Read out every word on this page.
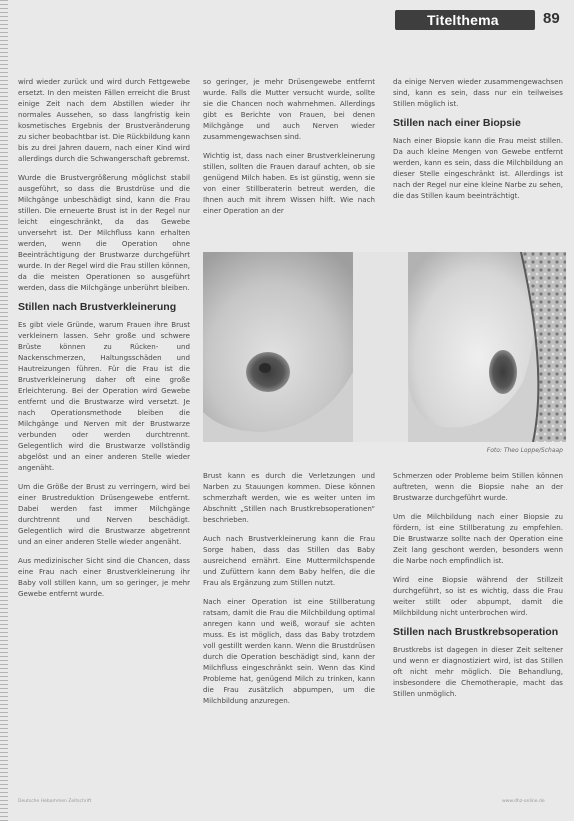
Titelthema	89

wird wieder zurück und wird durch Fettgewebe ersetzt. In den meisten Fällen erreicht die Brust einige Zeit nach dem Abstillen wieder ihr normales Aussehen, so dass langfristig kein kosmetisches Ergebnis der Brustveränderung zu sicher beobachtbar ist. Die Rückbildung kann bis zu drei Jahren dauern, nach einer Kind wird allerdings durch die Schwangerschaft gebremst.

Wurde die Brustvergrößerung möglichst stabil ausgeführt, so dass die Brustdrüse und die Milchgänge unbeschädigt sind, kann die Frau stillen. Die erneuerte Brust ist in der Regel nur leicht eingeschränkt, da das Gewebe unversehrt ist. Der Milchfluss kann erhalten werden, wenn die Operation ohne Beeinträchtigung der Brustwarze durchgeführt wurde. In der Regel wird die Frau stillen können, da die meisten Operationen so ausgeführt werden, dass die Milchgänge unberührt bleiben.

Stillen nach Brustverkleinerung

Es gibt viele Gründe, warum Frauen ihre Brust verkleinern lassen. Sehr große und schwere Brüste können zu Rücken- und Nackenschmerzen, Haltungsschäden und Hautreizungen führen. Für die Frau ist die Brustverkleinerung daher oft eine große Erleichterung. Bei der Operation wird Gewebe entfernt und die Brustwarze wird versetzt. Je nach Operationsmethode bleiben die Milchgänge und Nerven mit der Brustwarze verbunden oder werden durchtrennt. Gelegentlich wird die Brustwarze vollständig abgelöst und an einer anderen Stelle wieder angenäht.

Um die Größe der Brust zu verringern, wird bei einer Brustreduktion Drüsengewebe entfernt. Dabei werden fast immer Milchgänge durchtrennt und Nerven beschädigt. Gelegentlich wird die Brustwarze abgetrennt und an einer anderen Stelle wieder angenäht.

Aus medizinischer Sicht sind die Chancen, dass eine Frau nach einer Brustverkleinerung ihr Baby voll stillen kann, um so geringer, je mehr Gewebe entfernt wurde.

so geringer, je mehr Drüsengewebe entfernt wurde. Falls die Mutter versucht wurde, sollte sie die Chancen noch wahrnehmen. Allerdings gibt es Berichte von Frauen, bei denen Milchgänge und auch Nerven wieder zusammengewachsen sind.

Wichtig ist, dass nach einer Brustverkleinerung stillen, sollten die Frauen darauf achten, ob sie genügend Milch haben. Es ist günstig, wenn sie von einer Stillberaterin betreut werden, die Ihnen auch mit ihrem Wissen hilft. Wie nach einer Operation an der

Foto: Theo Loppe/Schaap

Brust kann es durch die Verletzungen und Narben zu Stauungen kommen. Diese können schmerzhaft werden, wie es weiter unten im Abschnitt „Stillen nach Brustkrebsoperationen“ beschrieben.

Auch nach Brustverkleinerung kann die Frau Sorge haben, dass das Stillen das Baby ausreichend ernährt. Eine Muttermilchspende und Zufüttern kann dem Baby helfen, die die Frau als Ergänzung zum Stillen nutzt.

Nach einer Operation ist eine Stillberatung ratsam, damit die Frau die Milchbildung optimal anregen kann und weiß, worauf sie achten muss. Es ist möglich, dass das Baby trotzdem voll gestillt werden kann. Wenn die Brustdrüsen durch die Operation beschädigt sind, kann der Milchfluss eingeschränkt sein. Wenn das Kind Probleme hat, genügend Milch zu trinken, kann die Frau zusätzlich abpumpen, um die Milchbildung anzuregen.

da einige Nerven wieder zusammengewachsen sind, kann es sein, dass nur ein teilweises Stillen möglich ist.

Stillen nach einer Biopsie

Nach einer Biopsie kann die Frau meist stillen. Da auch kleine Mengen von Gewebe entfernt werden, kann es sein, dass die Milchbildung an dieser Stelle eingeschränkt ist. Allerdings ist nach der Regel nur eine kleine Narbe zu sehen, die das Stillen kaum beeinträchtigt.

Schmerzen oder Probleme beim Stillen können auftreten, wenn die Biopsie nahe an der Brustwarze durchgeführt wurde.

Um die Milchbildung nach einer Biopsie zu fördern, ist eine Stillberatung zu empfehlen. Die Brustwarze sollte nach der Operation eine Zeit lang geschont werden, besonders wenn die Narbe noch empfindlich ist.

Wird eine Biopsie während der Stillzeit durchgeführt, so ist es wichtig, dass die Frau weiter stillt oder abpumpt, damit die Milchbildung nicht unterbrochen wird.

Stillen nach Brustkrebsoperation

Brustkrebs ist dagegen in dieser Zeit seltener und wenn er diagnostiziert wird, ist das Stillen oft nicht mehr möglich. Die Behandlung, insbesondere die Chemotherapie, macht das Stillen unmöglich.

Deutsche Hebammen Zeitschrift	www.dhz-online.de
